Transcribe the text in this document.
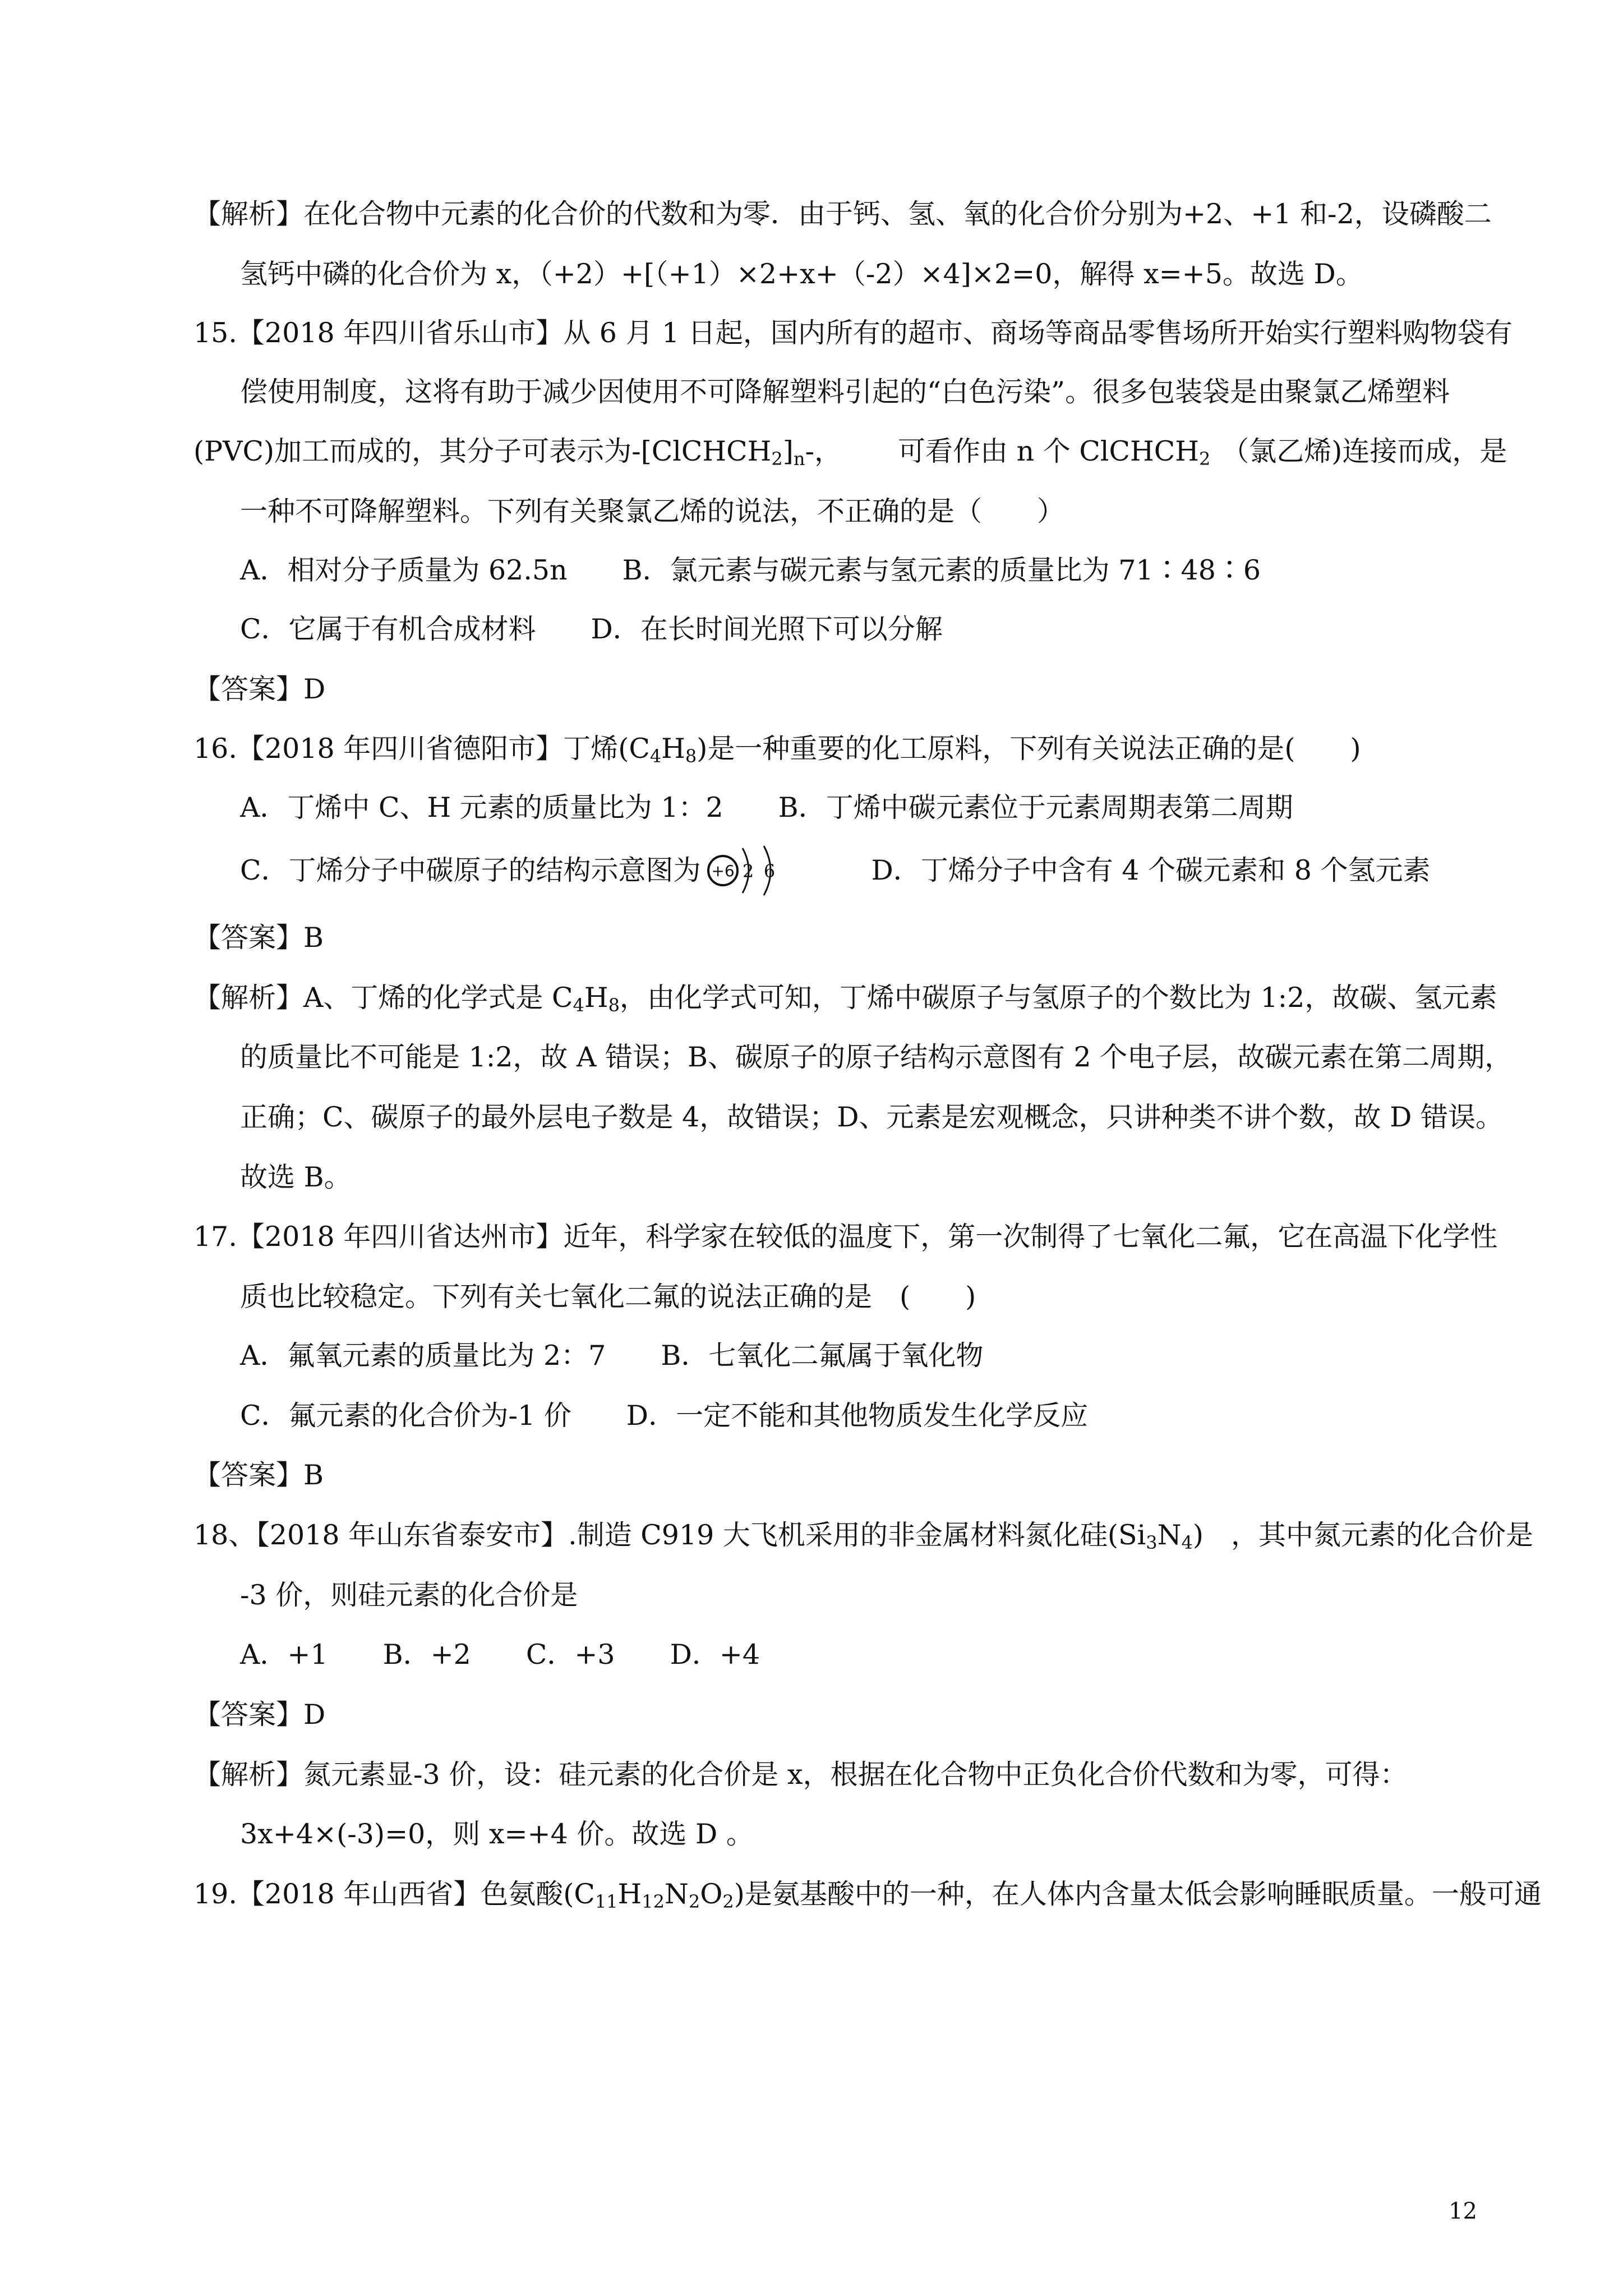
【解析】在化合物中元素的化合价的代数和为零．由于钙、氢、氧的化合价分别为+2、+1 和-2，设磷酸二
氢钙中磷的化合价为 x，（+2）+[（+1）×2+x+（-2）×4]×2=0，解得 x=+5。故选 D。
15.【2018 年四川省乐山市】从 6 月 1 日起，国内所有的超市、商场等商品零售场所开始实行塑料购物袋有
偿使用制度，这将有助于减少因使用不可降解塑料引起的“白色污染”。很多包装袋是由聚氯乙烯塑料
(PVC)加工而成的，其分子可表示为$-[ClCHCH_2]_n-$， 可看作由 n 个 ClCHCH$_2$ （氯乙烯)连接而成，是
一种不可降解塑料。下列有关聚氯乙烯的说法，不正确的是（　　）
A．相对分子质量为 62.5n　　B．氯元素与碳元素与氢元素的质量比为 71∶48∶6
C．它属于有机合成材料　　D．在长时间光照下可以分解
【答案】D
16.【2018 年四川省德阳市】丁烯$(C_4H_8)$是一种重要的化工原料，下列有关说法正确的是(　　)
A．丁烯中 C、H 元素的质量比为 1：2　　B．丁烯中碳元素位于元素周期表第二周期
C．丁烯分子中碳原子的结构示意图为 +6 2 6	D．丁烯分子中含有 4 个碳元素和 8 个氢元素
【答案】B
【解析】A、丁烯的化学式是 $C_4H_8$，由化学式可知，丁烯中碳原子与氢原子的个数比为 1:2，故碳、氢元素
的质量比不可能是 1:2，故 A 错误；B、碳原子的原子结构示意图有 2 个电子层，故碳元素在第二周期，
正确；C、碳原子的最外层电子数是 4，故错误；D、元素是宏观概念，只讲种类不讲个数，故 D 错误。
故选 B。
17.【2018 年四川省达州市】近年，科学家在较低的温度下，第一次制得了七氧化二氟，它在高温下化学性
质也比较稳定。下列有关七氧化二氟的说法正确的是　(　　)
A．氟氧元素的质量比为 2：7　　B．七氧化二氟属于氧化物
C．氟元素的化合价为-1 价　　D．一定不能和其他物质发生化学反应
【答案】B
18、【2018 年山东省泰安市】.制造 C919 大飞机采用的非金属材料氮化硅$(Si_3N_4)$　，其中氮元素的化合价是
-3 价，则硅元素的化合价是
A．+1　　B．+2　　C．+3　　D．+4
【答案】D
【解析】氮元素显-3 价，设：硅元素的化合价是 x，根据在化合物中正负化合价代数和为零，可得：
3x+4×(-3)=0，则 x=+4 价。故选 D 。
19.【2018 年山西省】色氨酸$(C_{11}H_{12}N_2O_2)$是氨基酸中的一种，在人体内含量太低会影响睡眠质量。一般可通
12
